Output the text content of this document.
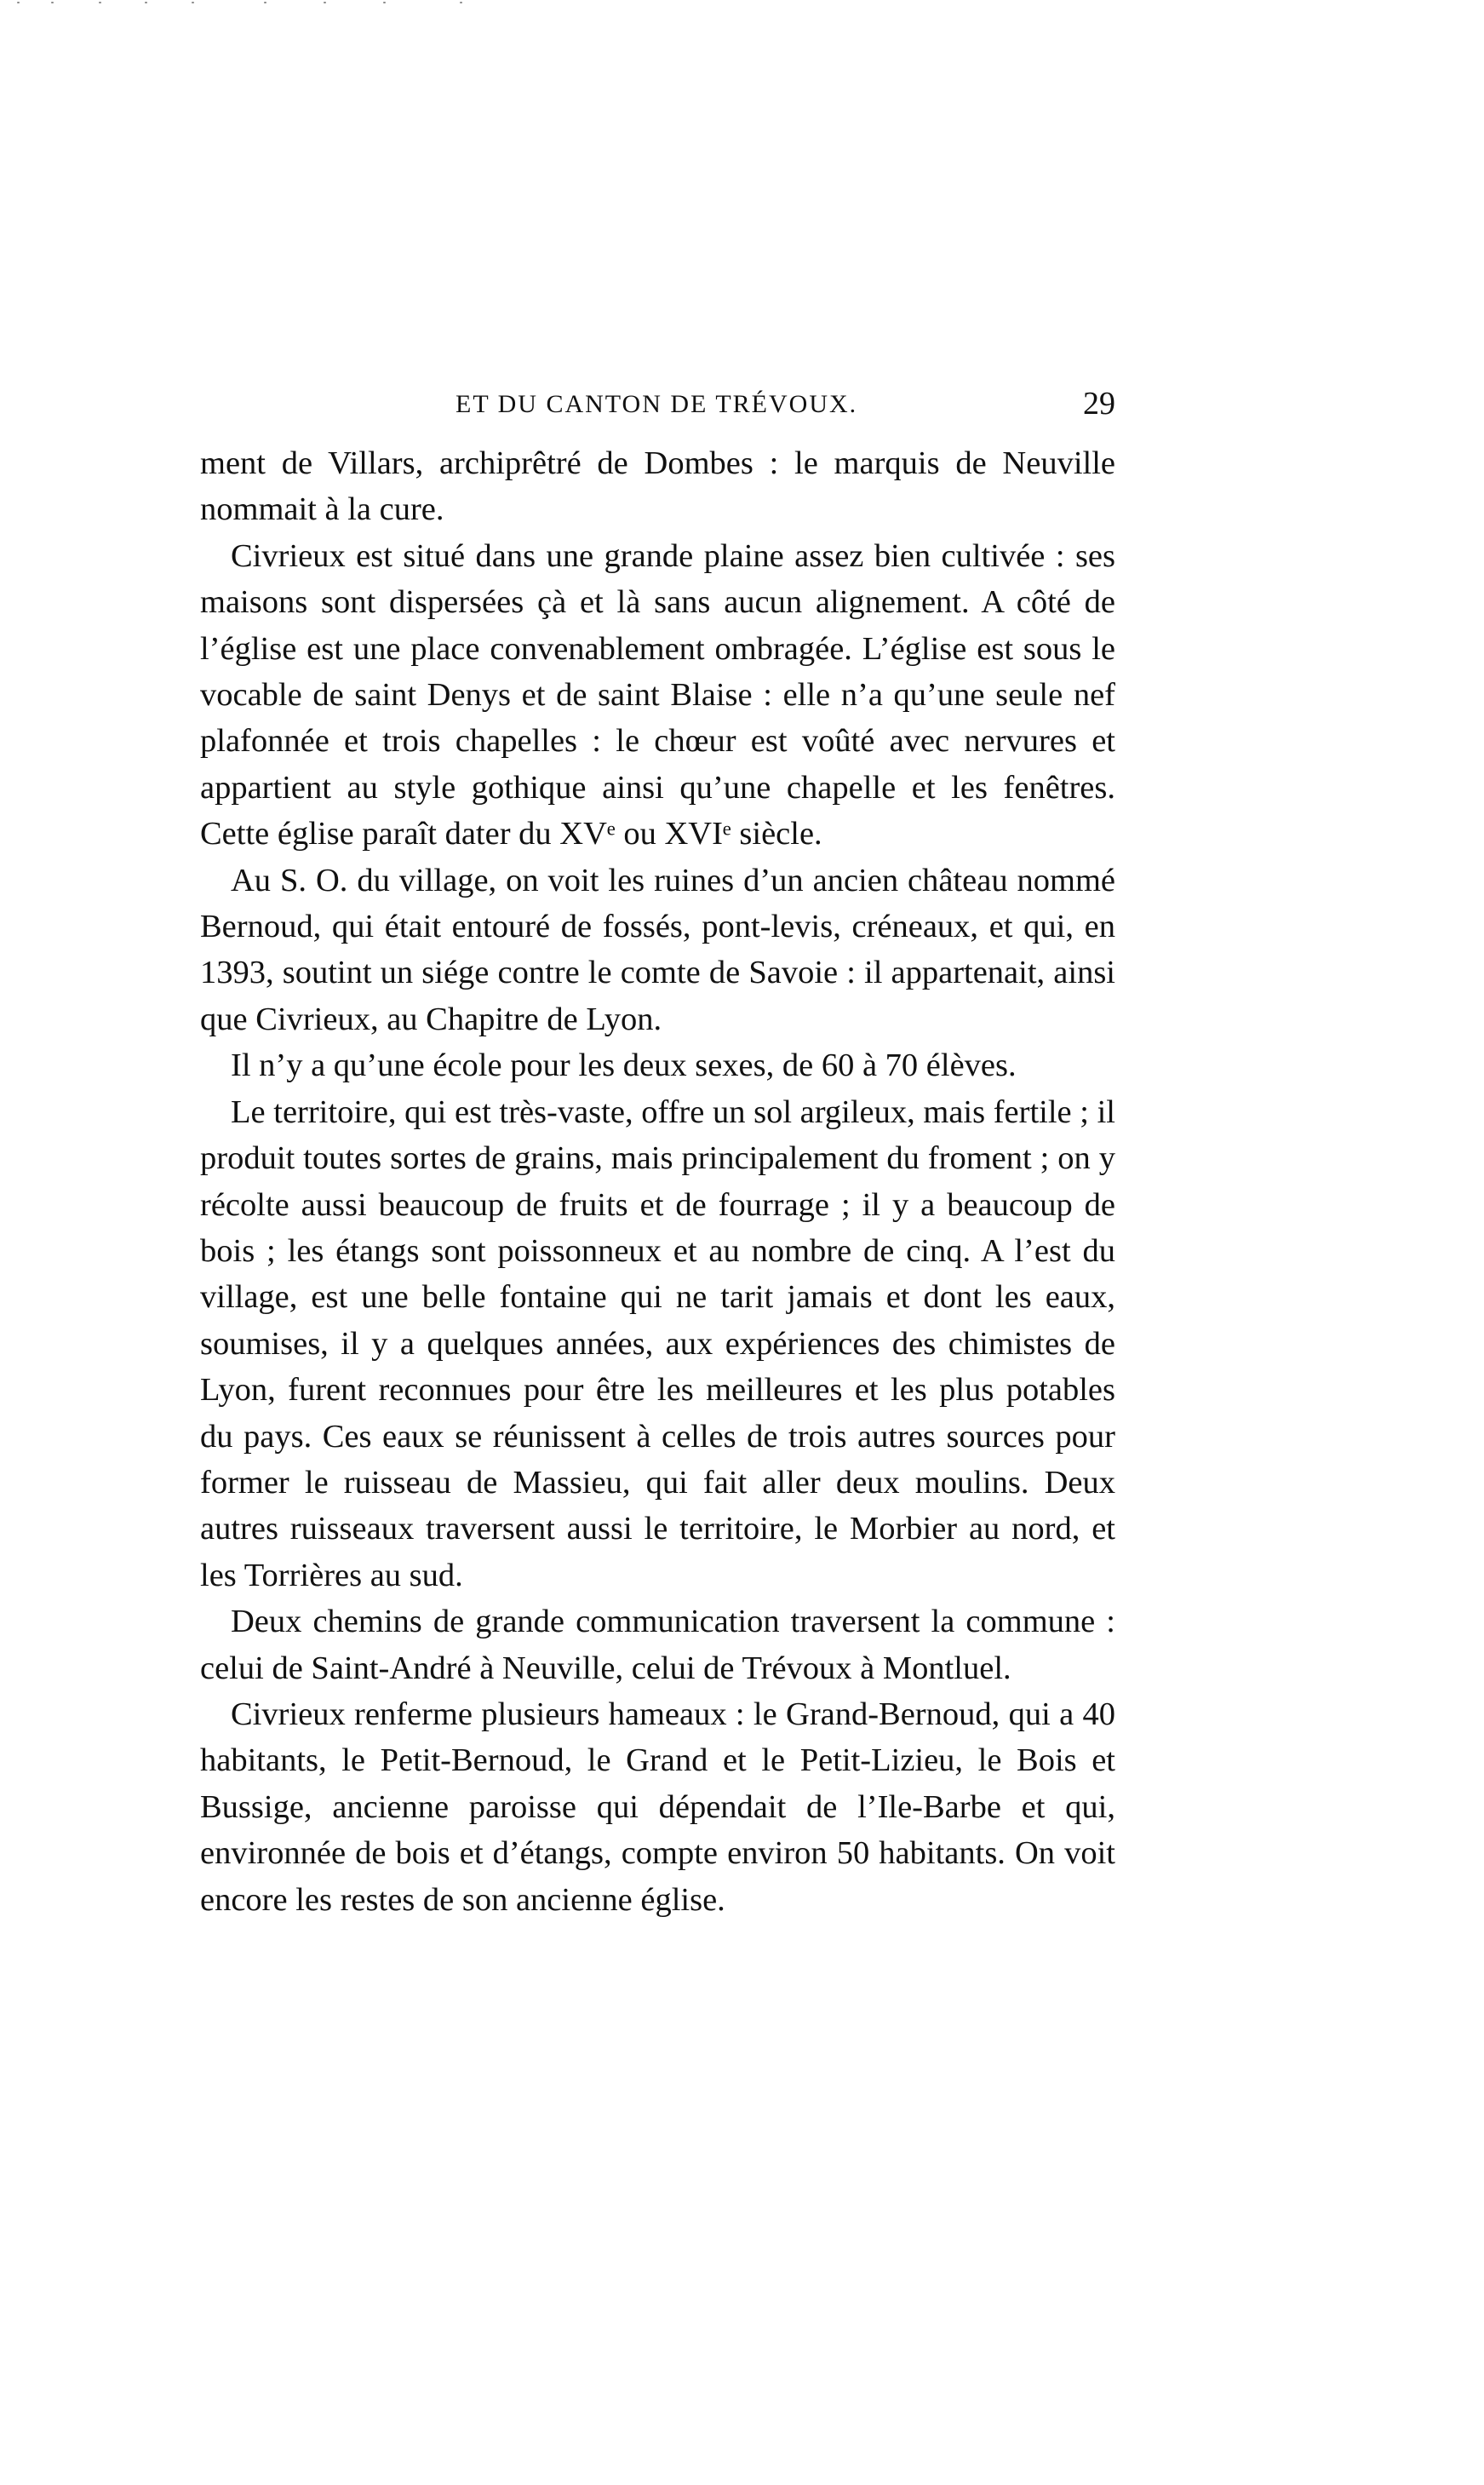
ET DU CANTON DE TRÉVOUX.	29

ment de Villars, archiprêtré de Dombes : le marquis de Neuville nommait à la cure.

Civrieux est situé dans une grande plaine assez bien cultivée : ses maisons sont dispersées çà et là sans aucun alignement. A côté de l’église est une place convenablement ombragée. L’église est sous le vocable de saint Denys et de saint Blaise : elle n’a qu’une seule nef plafonnée et trois chapelles : le chœur est voûté avec nervures et appartient au style gothique ainsi qu’une chapelle et les fenêtres. Cette église paraît dater du XVᵉ ou XVIᵉ siècle.

Au S. O. du village, on voit les ruines d’un ancien château nommé Bernoud, qui était entouré de fossés, pont-levis, créneaux, et qui, en 1393, soutint un siége contre le comte de Savoie : il appartenait, ainsi que Civrieux, au Chapitre de Lyon.

Il n’y a qu’une école pour les deux sexes, de 60 à 70 élèves.

Le territoire, qui est très-vaste, offre un sol argileux, mais fertile ; il produit toutes sortes de grains, mais principalement du froment ; on y récolte aussi beaucoup de fruits et de fourrage ; il y a beaucoup de bois ; les étangs sont poissonneux et au nombre de cinq. A l’est du village, est une belle fontaine qui ne tarit jamais et dont les eaux, soumises, il y a quelques années, aux expériences des chimistes de Lyon, furent reconnues pour être les meilleures et les plus potables du pays. Ces eaux se réunissent à celles de trois autres sources pour former le ruisseau de Massieu, qui fait aller deux moulins. Deux autres ruisseaux traversent aussi le territoire, le Morbier au nord, et les Torrières au sud.

Deux chemins de grande communication traversent la commune : celui de Saint-André à Neuville, celui de Trévoux à Montluel.

Civrieux renferme plusieurs hameaux : le Grand-Bernoud, qui a 40 habitants, le Petit-Bernoud, le Grand et le Petit-Lizieu, le Bois et Bussige, ancienne paroisse qui dépendait de l’Ile-Barbe et qui, environnée de bois et d’étangs, compte environ 50 habitants. On voit encore les restes de son ancienne église.
